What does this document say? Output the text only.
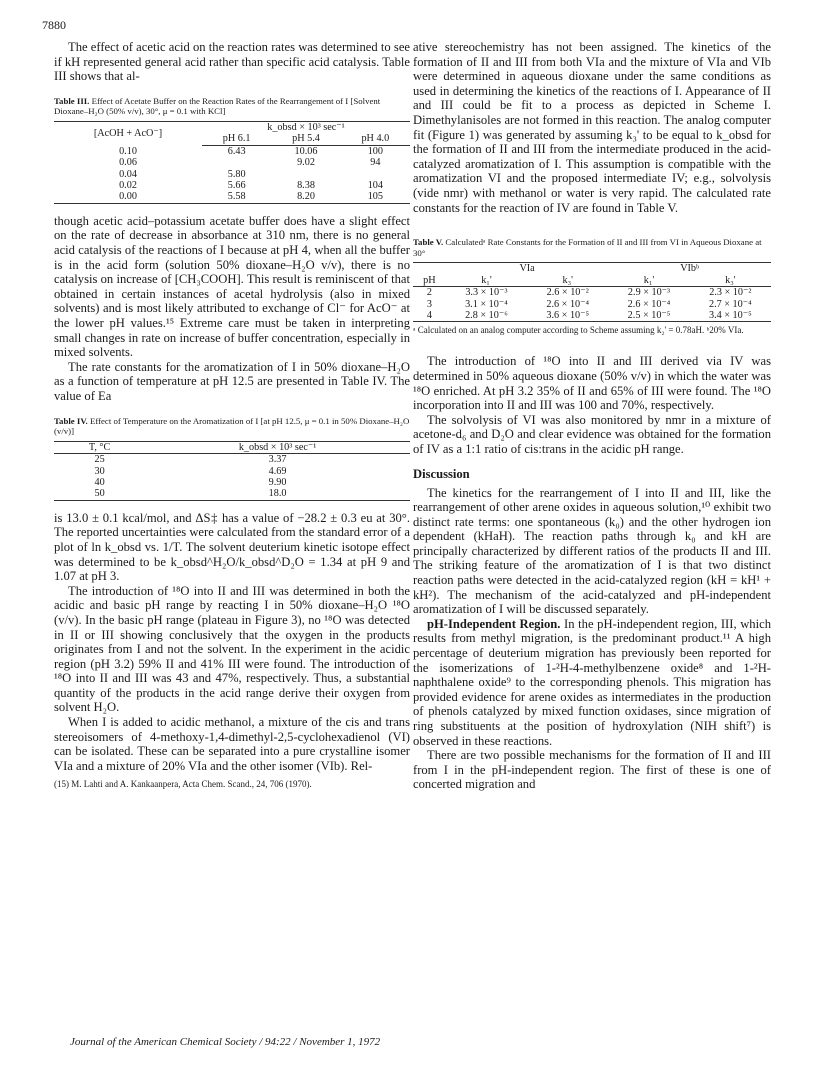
7880

The effect of acetic acid on the reaction rates was determined to see if kH represented general acid rather than specific acid catalysis. Table III shows that al-

Table III. Effect of Acetate Buffer on the Reaction Rates of the Rearrangement of I [Solvent Dioxane–H₂O (50% v/v), 30°, μ = 0.1 with KCl]
[AcOH + AcO⁻]	k_obsd × 10³ sec⁻¹		
	pH 6.1	pH 5.4	pH 4.0
0.10	6.43	10.06	100
0.06		9.02	94
0.04	5.80		
0.02	5.66	8.38	104
0.00	5.58	8.20	105

though acetic acid–potassium acetate buffer does have a slight effect on the rate of decrease in absorbance at 310 nm, there is no general acid catalysis of the reactions of I because at pH 4, when all the buffer is in the acid form (solution 50% dioxane–H₂O v/v), there is no catalysis on increase of [CH₃COOH]. This result is reminiscent of that obtained in certain instances of acetal hydrolysis (also in mixed solvents) and is most likely attributed to exchange of Cl⁻ for AcO⁻ at the lower pH values.¹⁵ Extreme care must be taken in interpreting small changes in rate on increase of buffer concentration, especially in mixed solvents.

The rate constants for the aromatization of I in 50% dioxane–H₂O as a function of temperature at pH 12.5 are presented in Table IV. The value of Ea

Table IV. Effect of Temperature on the Aromatization of I [at pH 12.5, μ = 0.1 in 50% Dioxane–H₂O (v/v)]
T, °C	k_obsd × 10³ sec⁻¹
25	3.37
30	4.69
40	9.90
50	18.0

is 13.0 ± 0.1 kcal/mol, and ΔS‡ has a value of −28.2 ± 0.3 eu at 30°. The reported uncertainties were calculated from the standard error of a plot of ln k_obsd vs. 1/T. The solvent deuterium kinetic isotope effect was determined to be k_obsd^H₂O/k_obsd^D₂O = 1.34 at pH 9 and 1.07 at pH 3.

The introduction of ¹⁸O into II and III was determined in both the acidic and basic pH range by reacting I in 50% dioxane–H₂O ¹⁸O (v/v). In the basic pH range (plateau in Figure 3), no ¹⁸O was detected in II or III showing conclusively that the oxygen in the products originates from I and not the solvent. In the experiment in the acidic region (pH 3.2) 59% II and 41% III were found. The introduction of ¹⁸O into II and III was 43 and 47%, respectively. Thus, a substantial quantity of the products in the acid range derive their oxygen from solvent H₂O.

When I is added to acidic methanol, a mixture of the cis and trans stereoisomers of 4-methoxy-1,4-dimethyl-2,5-cyclohexadienol (VI) can be isolated. These can be separated into a pure crystalline isomer VIa and a mixture of 20% VIa and the other isomer (VIb). Rel-

(15) M. Lahti and A. Kankaanpera, Acta Chem. Scand., 24, 706 (1970).

ative stereochemistry has not been assigned. The kinetics of the formation of II and III from both VIa and the mixture of VIa and VIb were determined in aqueous dioxane under the same conditions as used in determining the kinetics of the reactions of I. Appearance of II and III could be fit to a process as depicted in Scheme I. Dimethylanisoles are not formed in this reaction. The analog computer fit (Figure 1) was generated by assuming k₃' to be equal to k_obsd for the formation of II and III from the intermediate produced in the acid-catalyzed aromatization of I. This assumption is compatible with the aromatization VI and the proposed intermediate IV; e.g., solvolysis (vide nmr) with methanol or water is very rapid. The calculated rate constants for the reaction of IV are found in Table V.

Table V. Calculatedᵃ Rate Constants for the Formation of II and III from VI in Aqueous Dioxane at 30°
	VIa		VIbᵇ	
pH	k₁'	k₃'	k₁'	k₃'
2	3.3 × 10⁻³	2.6 × 10⁻²	2.9 × 10⁻³	2.3 × 10⁻²
3	3.1 × 10⁻⁴	2.6 × 10⁻⁴	2.6 × 10⁻⁴	2.7 × 10⁻⁴
4	2.8 × 10⁻⁶	3.6 × 10⁻⁵	2.5 × 10⁻⁵	3.4 × 10⁻⁵
ᵃ Calculated on an analog computer according to Scheme assuming k₂' = 0.78aH. ᵇ20% VIa.

The introduction of ¹⁸O into II and III derived via IV was determined in 50% aqueous dioxane (50% v/v) in which the water was ¹⁸O enriched. At pH 3.2 35% of II and 65% of III were found. The ¹⁸O incorporation into II and III was 100 and 70%, respectively.

The solvolysis of VI was also monitored by nmr in a mixture of acetone-d₆ and D₂O and clear evidence was obtained for the formation of IV as a 1:1 ratio of cis:trans in the acidic pH range.

Discussion

The kinetics for the rearrangement of I into II and III, like the rearrangement of other arene oxides in aqueous solution,¹⁰ exhibit two distinct rate terms: one spontaneous (k₀) and the other hydrogen ion dependent (kHaH). The reaction paths through k₀ and kH are principally characterized by different ratios of the products II and III. The striking feature of the aromatization of I is that two distinct reaction paths were detected in the acid-catalyzed region (kH = kH¹ + kH²). The mechanism of the acid-catalyzed and pH-independent aromatization of I will be discussed separately.

pH-Independent Region. In the pH-independent region, III, which results from methyl migration, is the predominant product.¹¹ A high percentage of deuterium migration has previously been reported for the isomerizations of 1-²H-4-methylbenzene oxide⁸ and 1-²H-naphthalene oxide⁹ to the corresponding phenols. This migration has provided evidence for arene oxides as intermediates in the production of phenols catalyzed by mixed function oxidases, since migration of ring substituents at the position of hydroxylation (NIH shift⁷) is observed in these reactions.

There are two possible mechanisms for the formation of II and III from I in the pH-independent region. The first of these is one of concerted migration and

Journal of the American Chemical Society / 94:22 / November 1, 1972
